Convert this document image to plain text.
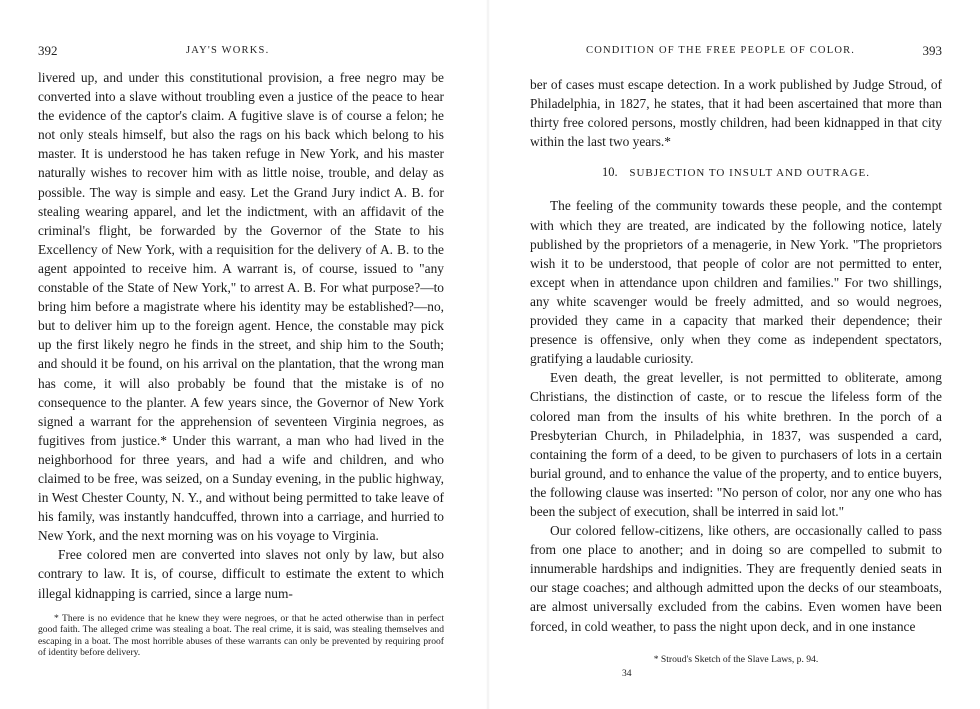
392	JAY'S WORKS.

livered up, and under this constitutional provision, a free negro may be converted into a slave without troubling even a justice of the peace to hear the evidence of the captor's claim. A fugitive slave is of course a felon; he not only steals himself, but also the rags on his back which belong to his master. It is understood he has taken refuge in New York, and his master naturally wishes to recover him with as little noise, trouble, and delay as possible. The way is simple and easy. Let the Grand Jury indict A. B. for stealing wearing apparel, and let the indictment, with an affidavit of the criminal's flight, be forwarded by the Governor of the State to his Excellency of New York, with a requisition for the delivery of A. B. to the agent appointed to receive him. A warrant is, of course, issued to "any constable of the State of New York," to arrest A. B. For what purpose?—to bring him before a magistrate where his identity may be established?—no, but to deliver him up to the foreign agent. Hence, the constable may pick up the first likely negro he finds in the street, and ship him to the South; and should it be found, on his arrival on the plantation, that the wrong man has come, it will also probably be found that the mistake is of no consequence to the planter. A few years since, the Governor of New York signed a warrant for the apprehension of seventeen Virginia negroes, as fugitives from justice.* Under this warrant, a man who had lived in the neighborhood for three years, and had a wife and children, and who claimed to be free, was seized, on a Sunday evening, in the public highway, in West Chester County, N. Y., and without being permitted to take leave of his family, was instantly handcuffed, thrown into a carriage, and hurried to New York, and the next morning was on his voyage to Virginia.

Free colored men are converted into slaves not only by law, but also contrary to law. It is, of course, difficult to estimate the extent to which illegal kidnapping is carried, since a large num-

* There is no evidence that he knew they were negroes, or that he acted otherwise than in perfect good faith. The alleged crime was stealing a boat. The real crime, it is said, was stealing themselves and escaping in a boat. The most horrible abuses of these warrants can only be prevented by requiring proof of identity before delivery.

CONDITION OF THE FREE PEOPLE OF COLOR.	393

ber of cases must escape detection. In a work published by Judge Stroud, of Philadelphia, in 1827, he states, that it had been ascertained that more than thirty free colored persons, mostly children, had been kidnapped in that city within the last two years.*

10. SUBJECTION TO INSULT AND OUTRAGE.

The feeling of the community towards these people, and the contempt with which they are treated, are indicated by the following notice, lately published by the proprietors of a menagerie, in New York. "The proprietors wish it to be understood, that people of color are not permitted to enter, except when in attendance upon children and families." For two shillings, any white scavenger would be freely admitted, and so would negroes, provided they came in a capacity that marked their dependence; their presence is offensive, only when they come as independent spectators, gratifying a laudable curiosity.

Even death, the great leveller, is not permitted to obliterate, among Christians, the distinction of caste, or to rescue the lifeless form of the colored man from the insults of his white brethren. In the porch of a Presbyterian Church, in Philadelphia, in 1837, was suspended a card, containing the form of a deed, to be given to purchasers of lots in a certain burial ground, and to enhance the value of the property, and to entice buyers, the following clause was inserted: "No person of color, nor any one who has been the subject of execution, shall be interred in said lot."

Our colored fellow-citizens, like others, are occasionally called to pass from one place to another; and in doing so are compelled to submit to innumerable hardships and indignities. They are frequently denied seats in our stage coaches; and although admitted upon the decks of our steamboats, are almost universally excluded from the cabins. Even women have been forced, in cold weather, to pass the night upon deck, and in one instance

* Stroud's Sketch of the Slave Laws, p. 94.
34
